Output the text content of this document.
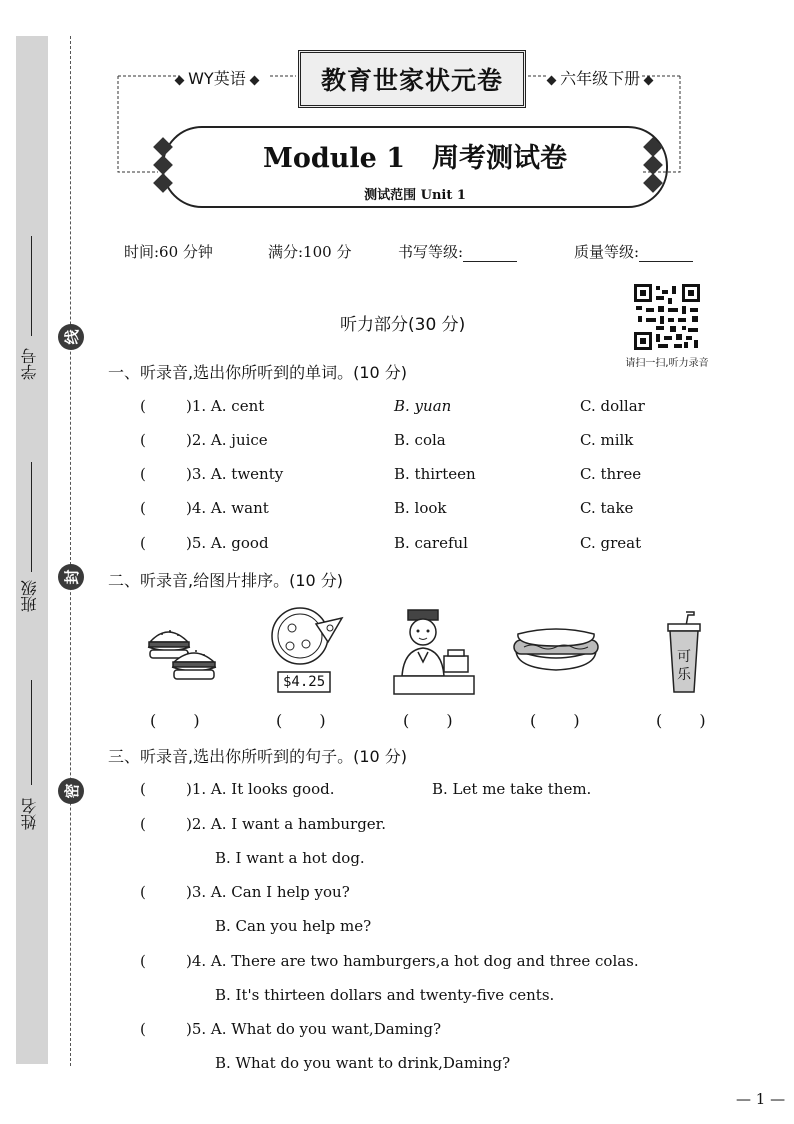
学号
班级
姓名
线
封
密
WY英语	六年级下册
教育世家状元卷
Module 1　周考测试卷
测试范围 Unit 1
时间:60 分钟	满分:100 分	书写等级:	质量等级:
听力部分(30 分)
请扫一扫,听力录音
一、听录音,选出你所听到的单词。(10 分)
(	)1. A. cent	B. yuan	C. dollar
(	)2. A. juice	B. cola	C. milk
(	)3. A. twenty	B. thirteen	C. three
(	)4. A. want	B. look	C. take
(	)5. A. good	B. careful	C. great
二、听录音,给图片排序。(10 分)
$4.25
可乐
(　　 )	(　　 )	(　　 )	(　　 )	(　　 )
三、听录音,选出你所听到的句子。(10 分)
(	)1. A. It looks good.	B. Let me take them.
(	)2. A. I want a hamburger.
B. I want a hot dog.
(	)3. A. Can I help you?
B. Can you help me?
(	)4. A. There are two hamburgers,a hot dog and three colas.
B. It's thirteen dollars and twenty-five cents.
(	)5. A. What do you want,Daming?
B. What do you want to drink,Daming?
— 1 —
